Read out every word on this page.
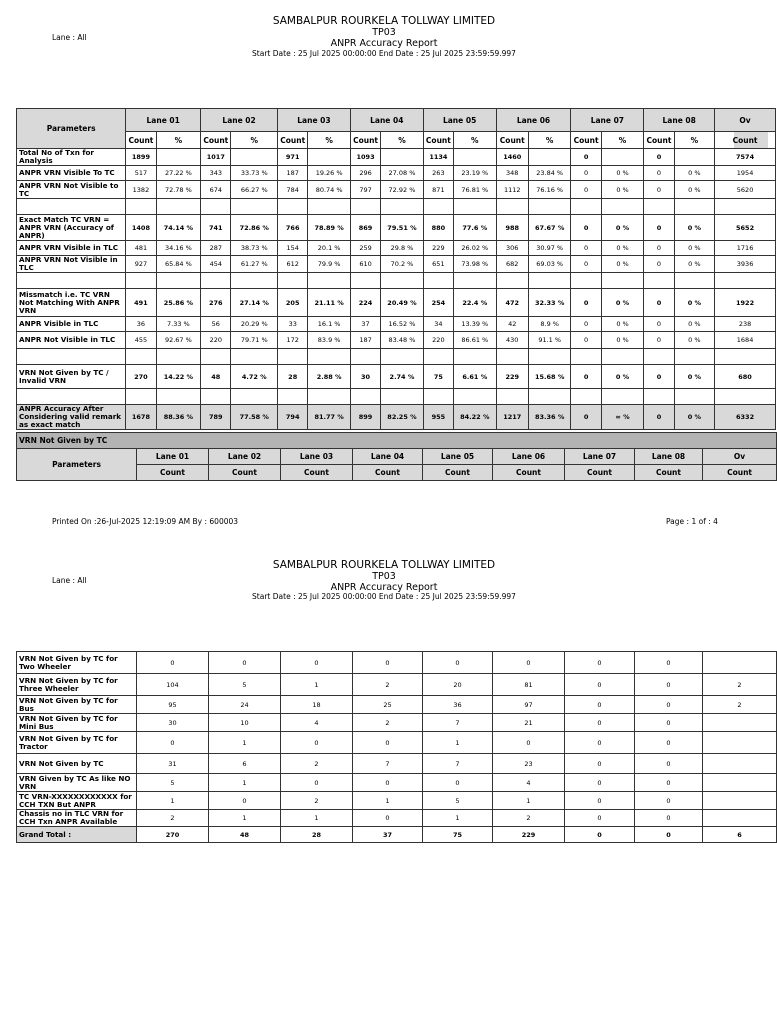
SAMBALPUR ROURKELA TOLLWAY LIMITED
TP03
ANPR Accuracy Report
Start Date : 25 Jul 2025 00:00:00 End Date : 25 Jul 2025 23:59:59.997
Lane : All
Parameters	Lane 01		Lane 02		Lane 03		Lane 04		Lane 05		Lane 06		Lane 07		Lane 08		Ov
	Count	%	Count	%	Count	%	Count	%	Count	%	Count	%	Count	%	Count	%	Count
Total No of Txn for Analysis	1899		1017		971		1093		1134		1460		0		0		7574
ANPR VRN Visible To TC	517	27.22 %	343	33.73 %	187	19.26 %	296	27.08 %	263	23.19 %	348	23.84 %	0	0 %	0	0 %	1954
ANPR VRN Not Visible to TC	1382	72.78 %	674	66.27 %	784	80.74 %	797	72.92 %	871	76.81 %	1112	76.16 %	0	0 %	0	0 %	5620

Exact Match TC VRN = ANPR VRN (Accuracy of ANPR)	1408	74.14 %	741	72.86 %	766	78.89 %	869	79.51 %	880	77.6 %	988	67.67 %	0	0 %	0	0 %	5652
ANPR VRN Visible in TLC	481	34.16 %	287	38.73 %	154	20.1 %	259	29.8 %	229	26.02 %	306	30.97 %	0	0 %	0	0 %	1716
ANPR VRN Not Visible in TLC	927	65.84 %	454	61.27 %	612	79.9 %	610	70.2 %	651	73.98 %	682	69.03 %	0	0 %	0	0 %	3936

Missmatch i.e. TC VRN Not Matching With ANPR VRN	491	25.86 %	276	27.14 %	205	21.11 %	224	20.49 %	254	22.4 %	472	32.33 %	0	0 %	0	0 %	1922
ANPR Visible in TLC	36	7.33 %	56	20.29 %	33	16.1 %	37	16.52 %	34	13.39 %	42	8.9 %	0	0 %	0	0 %	238
ANPR Not Visible in TLC	455	92.67 %	220	79.71 %	172	83.9 %	187	83.48 %	220	86.61 %	430	91.1 %	0	0 %	0	0 %	1684

VRN Not Given by TC / Invalid VRN	270	14.22 %	48	4.72 %	28	2.88 %	30	2.74 %	75	6.61 %	229	15.68 %	0	0 %	0	0 %	680

ANPR Accuracy After Considering valid remark as exact match	1678	88.36 %	789	77.58 %	794	81.77 %	899	82.25 %	955	84.22 %	1217	83.36 %	0	∞ %	0	0 %	6332
VRN Not Given by TC									
Parameters	Lane 01	Lane 02	Lane 03	Lane 04	Lane 05	Lane 06	Lane 07	Lane 08	Ov
	Count	Count	Count	Count	Count	Count	Count	Count	Count
Printed On :26-Jul-2025 12:19:09 AM By : 600003	Page : 1 of : 4
SAMBALPUR ROURKELA TOLLWAY LIMITED
TP03
ANPR Accuracy Report
Start Date : 25 Jul 2025 00:00:00 End Date : 25 Jul 2025 23:59:59.997
Lane : All
VRN Not Given by TC for Two Wheeler	0	0	0	0	0	0	0	0	
VRN Not Given by TC for Three Wheeler	104	5	1	2	20	81	0	0	2
VRN Not Given by TC for Bus	95	24	18	25	36	97	0	0	2
VRN Not Given by TC for Mini Bus	30	10	4	2	7	21	0	0	
VRN Not Given by TC for Tractor	0	1	0	0	1	0	0	0	
VRN Not Given by TC	31	6	2	7	7	23	0	0	
VRN Given by TC As like NO VRN	5	1	0	0	0	4	0	0	
TC VRN-XXXXXXXXXXXX for CCH TXN But ANPR	1	0	2	1	5	1	0	0	
Chassis no in TLC VRN for CCH Txn ANPR Available	2	1	1	0	1	2	0	0	
Grand Total :	270	48	28	37	75	229	0	0	6
